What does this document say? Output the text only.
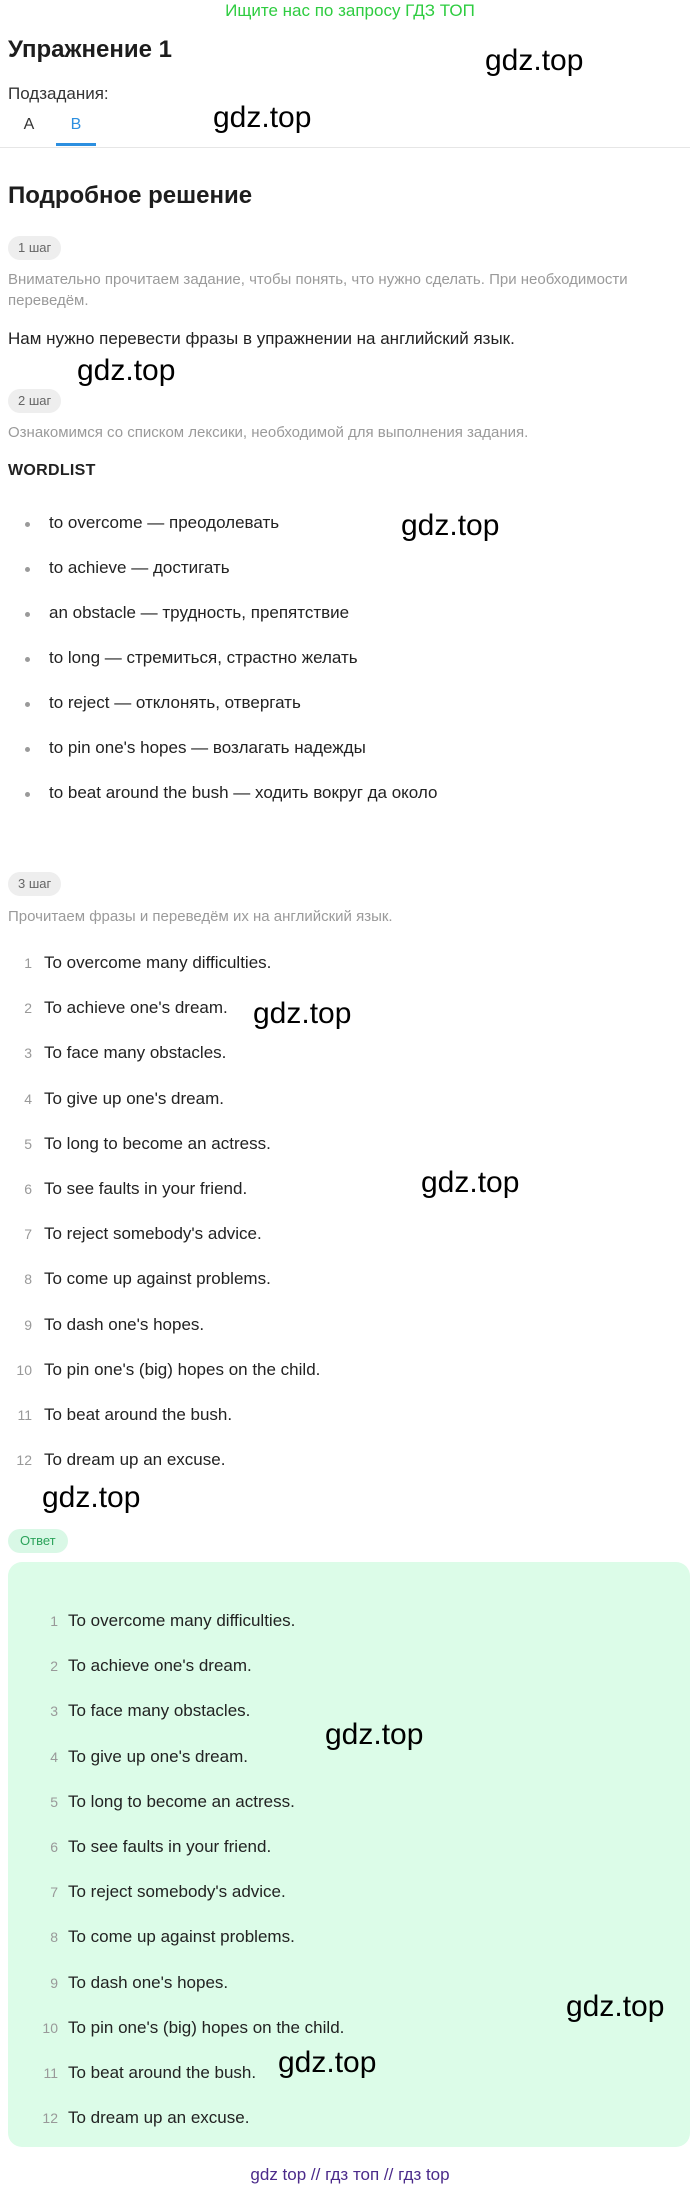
Ищите нас по запросу ГДЗ ТОП
Упражнение 1
Подзадания:
A	B
Подробное решение
1 шаг

Внимательно прочитаем задание, чтобы понять, что нужно сделать. При необходимости переведём.

Нам нужно перевести фразы в упражнении на английский язык.

2 шаг

Ознакомимся со списком лексики, необходимой для выполнения задания.

WORDLIST
to overcome — преодолевать
to achieve — достигать
an obstacle — трудность, препятствие
to long — стремиться, страстно желать
to reject — отклонять, отвергать
to pin one's hopes — возлагать надежды
to beat around the bush — ходить вокруг да около
3 шаг

Прочитаем фразы и переведём их на английский язык.

1 To overcome many difficulties.
2 To achieve one's dream.
3 To face many obstacles.
4 To give up one's dream.
5 To long to become an actress.
6 To see faults in your friend.
7 To reject somebody's advice.
8 To come up against problems.
9 To dash one's hopes.
10 To pin one's (big) hopes on the child.
11 To beat around the bush.
12 To dream up an excuse.
Ответ
1 To overcome many difficulties.
2 To achieve one's dream.
3 To face many obstacles.
4 To give up one's dream.
5 To long to become an actress.
6 To see faults in your friend.
7 To reject somebody's advice.
8 To come up against problems.
9 To dash one's hopes.
10 To pin one's (big) hopes on the child.
11 To beat around the bush.
12 To dream up an excuse.
gdz.top
gdz.top
gdz.top
gdz.top
gdz.top
gdz.top
gdz.top
gdz.top
gdz.top
gdz.top
gdz top // гдз топ // гдз top
